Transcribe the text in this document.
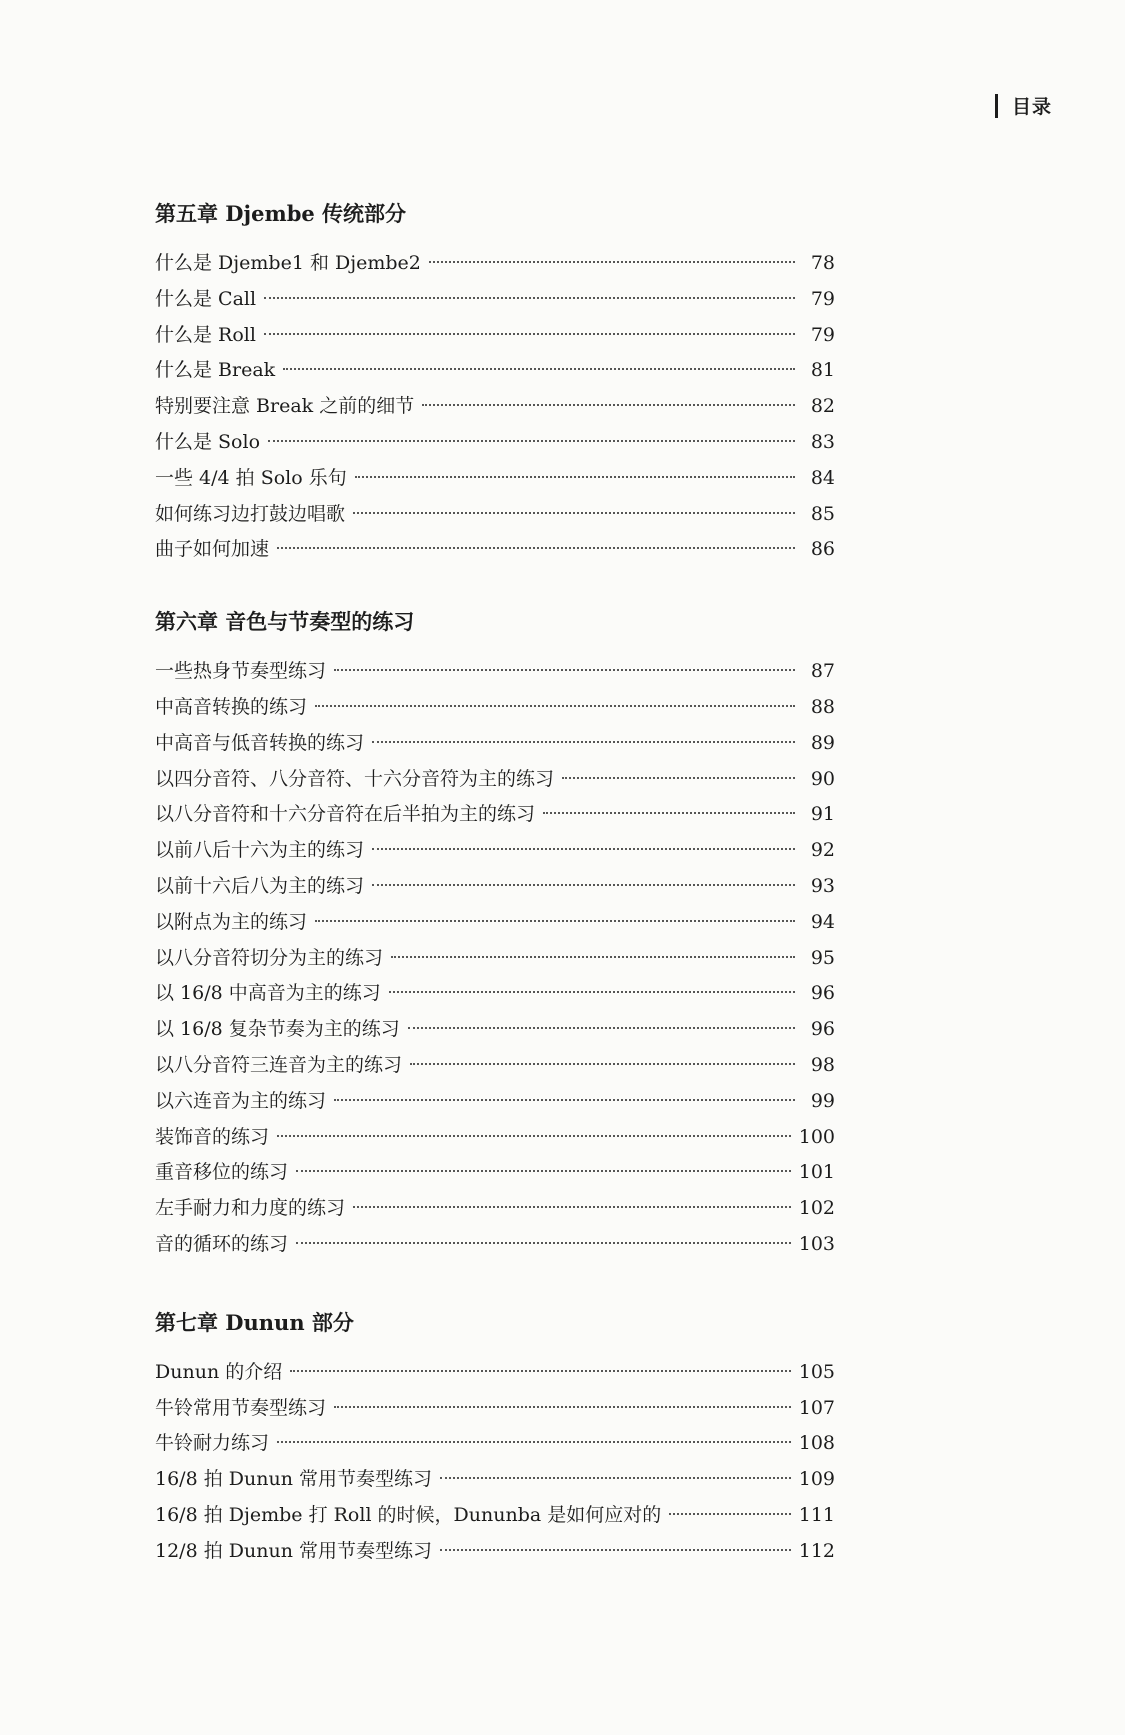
目录
第五章 Djembe 传统部分
什么是 Djembe1 和 Djembe2	78
什么是 Call	79
什么是 Roll	79
什么是 Break	81
特别要注意 Break 之前的细节	82
什么是 Solo	83
一些 4/4 拍 Solo 乐句	84
如何练习边打鼓边唱歌	85
曲子如何加速	86
第六章 音色与节奏型的练习
一些热身节奏型练习	87
中高音转换的练习	88
中高音与低音转换的练习	89
以四分音符、八分音符、十六分音符为主的练习	90
以八分音符和十六分音符在后半拍为主的练习	91
以前八后十六为主的练习	92
以前十六后八为主的练习	93
以附点为主的练习	94
以八分音符切分为主的练习	95
以 16/8 中高音为主的练习	96
以 16/8 复杂节奏为主的练习	96
以八分音符三连音为主的练习	98
以六连音为主的练习	99
装饰音的练习	100
重音移位的练习	101
左手耐力和力度的练习	102
音的循环的练习	103
第七章 Dunun 部分
Dunun 的介绍	105
牛铃常用节奏型练习	107
牛铃耐力练习	108
16/8 拍 Dunun 常用节奏型练习	109
16/8 拍 Djembe 打 Roll 的时候，Dununba 是如何应对的	111
12/8 拍 Dunun 常用节奏型练习	112
